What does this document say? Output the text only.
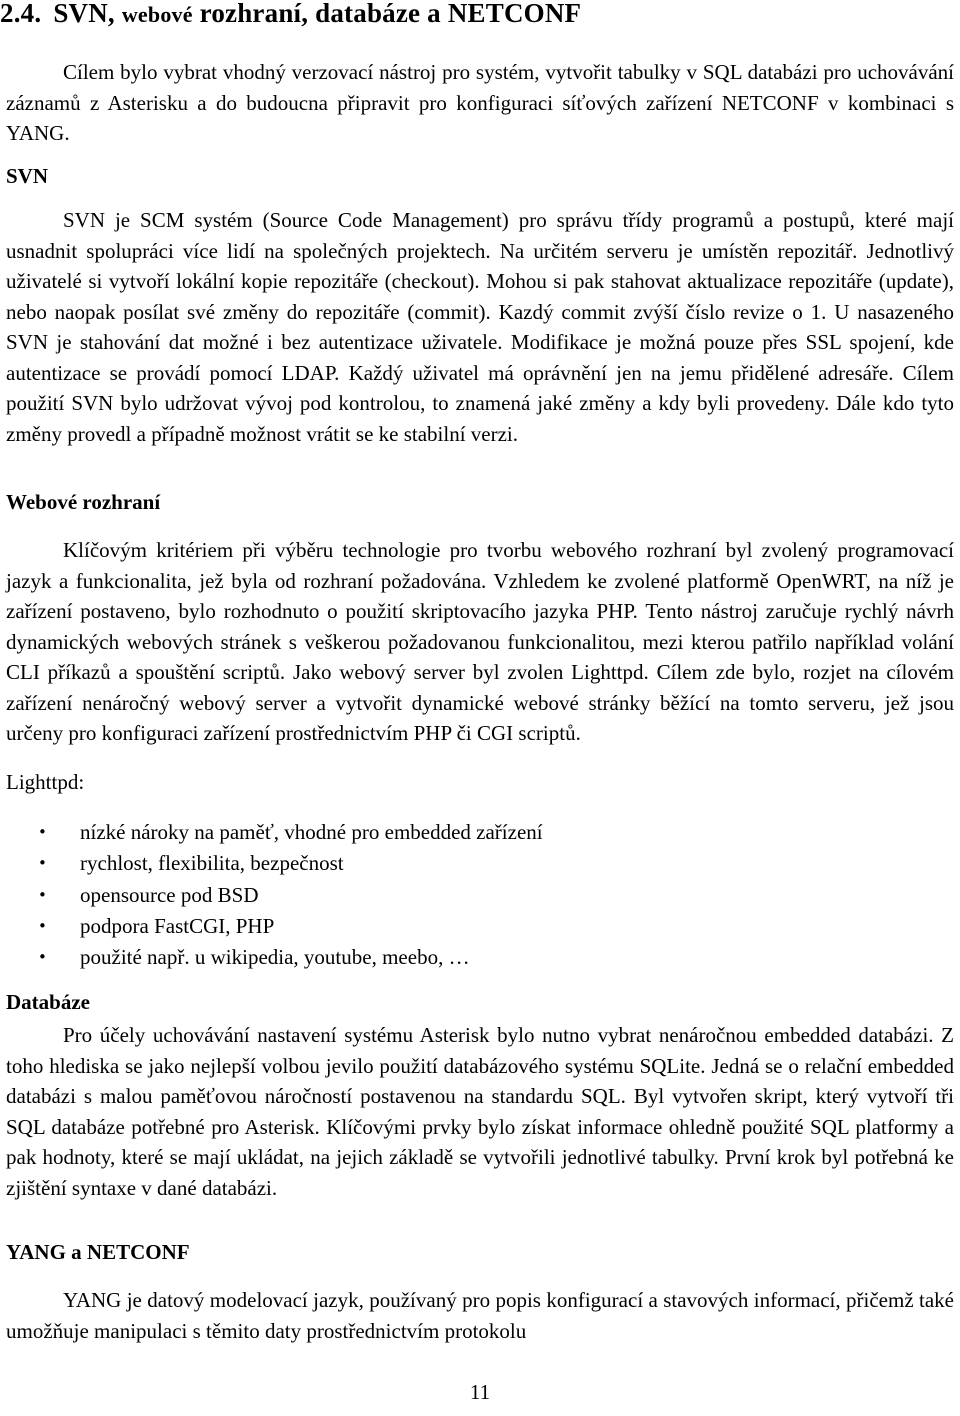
2.4. SVN, webové rozhraní, databáze a NETCONF

Cílem bylo vybrat vhodný verzovací nástroj pro systém, vytvořit tabulky v SQL databázi pro uchovávání záznamů z Asterisku a do budoucna připravit pro konfiguraci síťových zařízení NETCONF v kombinaci s YANG.

SVN

SVN je SCM systém (Source Code Management) pro správu třídy programů a postupů, které mají usnadnit spolupráci více lidí na společných projektech. Na určitém serveru je umístěn repozitář. Jednotlivý uživatelé si vytvoří lokální kopie repozitáře (checkout). Mohou si pak stahovat aktualizace repozitáře (update), nebo naopak posílat své změny do repozitáře (commit). Kazdý commit zvýší číslo revize o 1. U nasazeného SVN je stahování dat možné i bez autentizace uživatele. Modifikace je možná pouze přes SSL spojení, kde autentizace se provádí pomocí LDAP. Každý uživatel má oprávnění jen na jemu přidělené adresáře. Cílem použití SVN bylo udržovat vývoj pod kontrolou, to znamená jaké změny a kdy byli provedeny. Dále kdo tyto změny provedl a případně možnost vrátit se ke stabilní verzi.

Webové rozhraní

Klíčovým kritériem při výběru technologie pro tvorbu webového rozhraní byl zvolený programovací jazyk a funkcionalita, jež byla od rozhraní požadována. Vzhledem ke zvolené platformě OpenWRT, na níž je zařízení postaveno, bylo rozhodnuto o použití skriptovacího jazyka PHP. Tento nástroj zaručuje rychlý návrh dynamických webových stránek s veškerou požadovanou funkcionalitou, mezi kterou patřilo například volání CLI příkazů a spouštění scriptů. Jako webový server byl zvolen Lighttpd. Cílem zde bylo, rozjet na cílovém zařízení nenáročný webový server a vytvořit dynamické webové stránky běžící na tomto serveru, jež jsou určeny pro konfiguraci zařízení prostřednictvím PHP či CGI scriptů.

Lighttpd:

• nízké nároky na paměť, vhodné pro embedded zařízení
• rychlost, flexibilita, bezpečnost
• opensource pod BSD
• podpora FastCGI, PHP
• použité např. u wikipedia, youtube, meebo, …
Databáze

Pro účely uchovávání nastavení systému Asterisk bylo nutno vybrat nenáročnou embedded databázi. Z toho hlediska se jako nejlepší volbou jevilo použití databázového systému SQLite. Jedná se o relační embedded databázi s malou paměťovou náročností postavenou na standardu SQL. Byl vytvořen skript, který vytvoří tři SQL databáze potřebné pro Asterisk. Klíčovými prvky bylo získat informace ohledně použité SQL platformy a pak hodnoty, které se mají ukládat, na jejich základě se vytvořili jednotlivé tabulky. První krok byl potřebná ke zjištění syntaxe v dané databázi.

YANG a NETCONF

YANG je datový modelovací jazyk, používaný pro popis konfigurací a stavových informací, přičemž také umožňuje manipulaci s těmito daty prostřednictvím protokolu

11
